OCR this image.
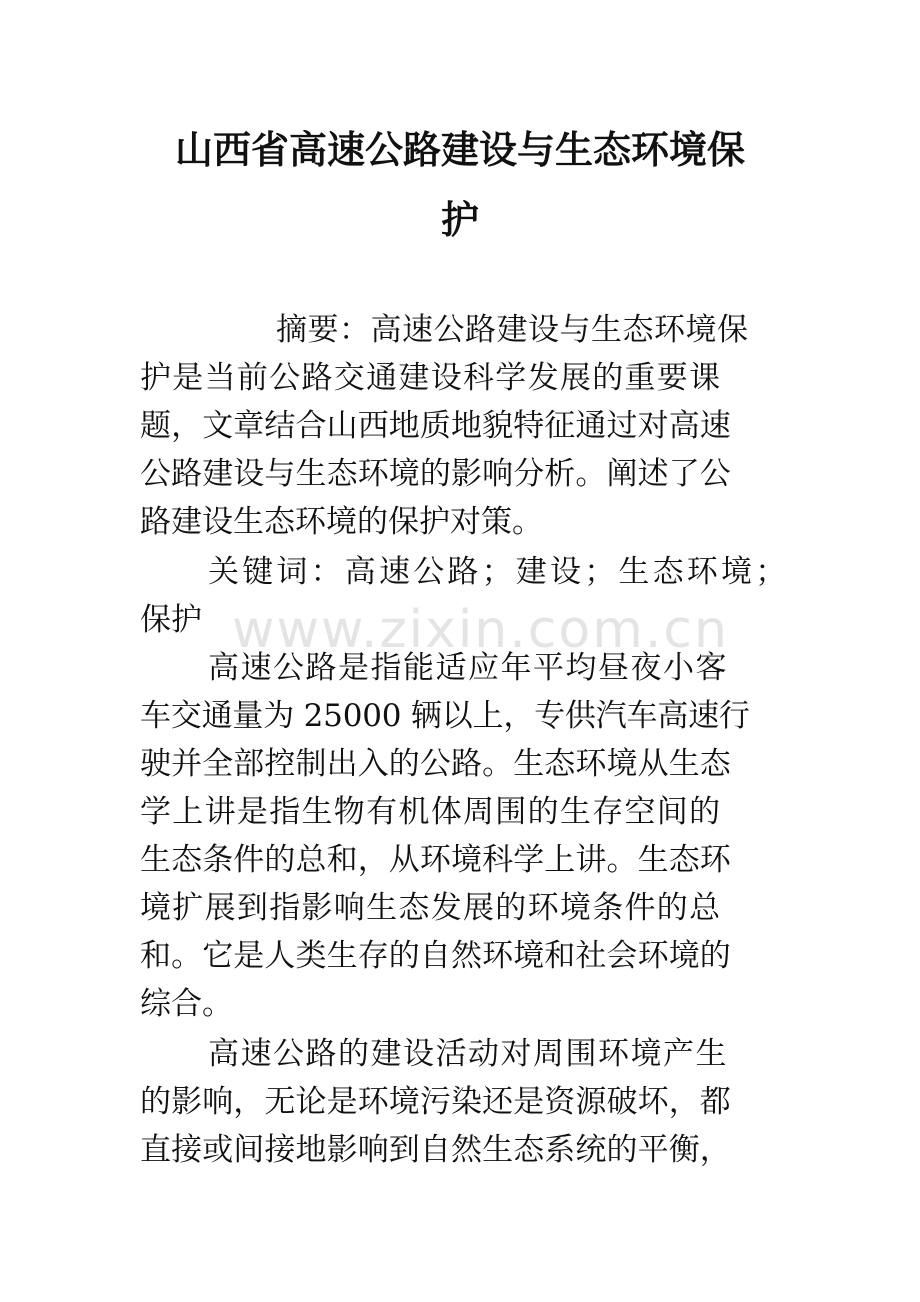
山西省高速公路建设与生态环境保
护
摘要：高速公路建设与生态环境保
护是当前公路交通建设科学发展的重要课
题，文章结合山西地质地貌特征通过对高速
公路建设与生态环境的影响分析。阐述了公
路建设生态环境的保护对策。
关键词：高速公路；建设；生态环境；
保护
高速公路是指能适应年平均昼夜小客
车交通量为 25000 辆以上，专供汽车高速行
驶并全部控制出入的公路。生态环境从生态
学上讲是指生物有机体周围的生存空间的
生态条件的总和，从环境科学上讲。生态环
境扩展到指影响生态发展的环境条件的总
和。它是人类生存的自然环境和社会环境的
综合。
高速公路的建设活动对周围环境产生
的影响，无论是环境污染还是资源破坏，都
直接或间接地影响到自然生态系统的平衡，
www.zixin.com.cn
